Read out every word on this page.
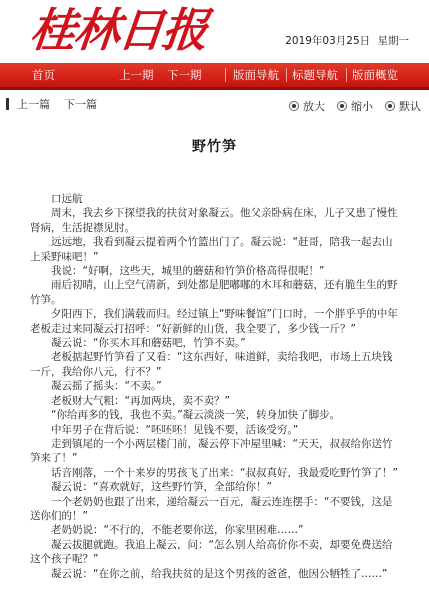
桂林日报	2019年03月25日 星期一
首页	上一期 下一期	版面导航 标题导航 版面概览
上一篇 下一篇	放大 缩小 默认
野竹笋

口远航

周末，我去乡下探望我的扶贫对象凝云。他父亲卧病在床，儿子又患了慢性肾病，生活捉襟见肘。

远远地，我看到凝云提着两个竹篮出门了。凝云说：“赶哥，陪我一起去山上采野味吧！”

我说：“好啊，这些天，城里的蘑菇和竹笋价格高得很呢！”

雨后初晴，山上空气清新，到处都是肥嘟嘟的木耳和蘑菇，还有脆生生的野竹笋。

夕阳西下，我们满载而归。经过镇上“野味餐馆”门口时，一个胖乎乎的中年老板走过来同凝云打招呼：“好新鲜的山货，我全要了，多少钱一斤？”

凝云说：“你买木耳和蘑菇吧，竹笋不卖。”

老板掂起野竹笋看了又看：“这东西好，味道鲜，卖给我吧，市场上五块钱一斤，我给你八元，行不？”

凝云摇了摇头：“不卖。”

老板财大气粗：“再加两块，卖不卖？”

“你给再多的钱，我也不卖。”凝云淡淡一笑，转身加快了脚步。

中年男子在背后说：“呸呸呸！见钱不要，活该受穷。”

走到镇尾的一个小两层楼门前，凝云停下冲屋里喊：“天天，叔叔给你送竹笋来了！”

话音刚落，一个十来岁的男孩飞了出来：“叔叔真好，我最爱吃野竹笋了！”

凝云说：“喜欢就好，这些野竹笋，全部给你！”

一个老奶奶也跟了出来，递给凝云一百元，凝云连连摆手：“不要钱，这是送你们的！”

老奶奶说：“不行的，不能老要你送，你家里困难……”

凝云拔腿就跑。我追上凝云，问：“怎么别人给高价你不卖，却要免费送给这个孩子呢？”

凝云说：“在你之前，给我扶贫的是这个男孩的爸爸，他因公牺牲了……”
